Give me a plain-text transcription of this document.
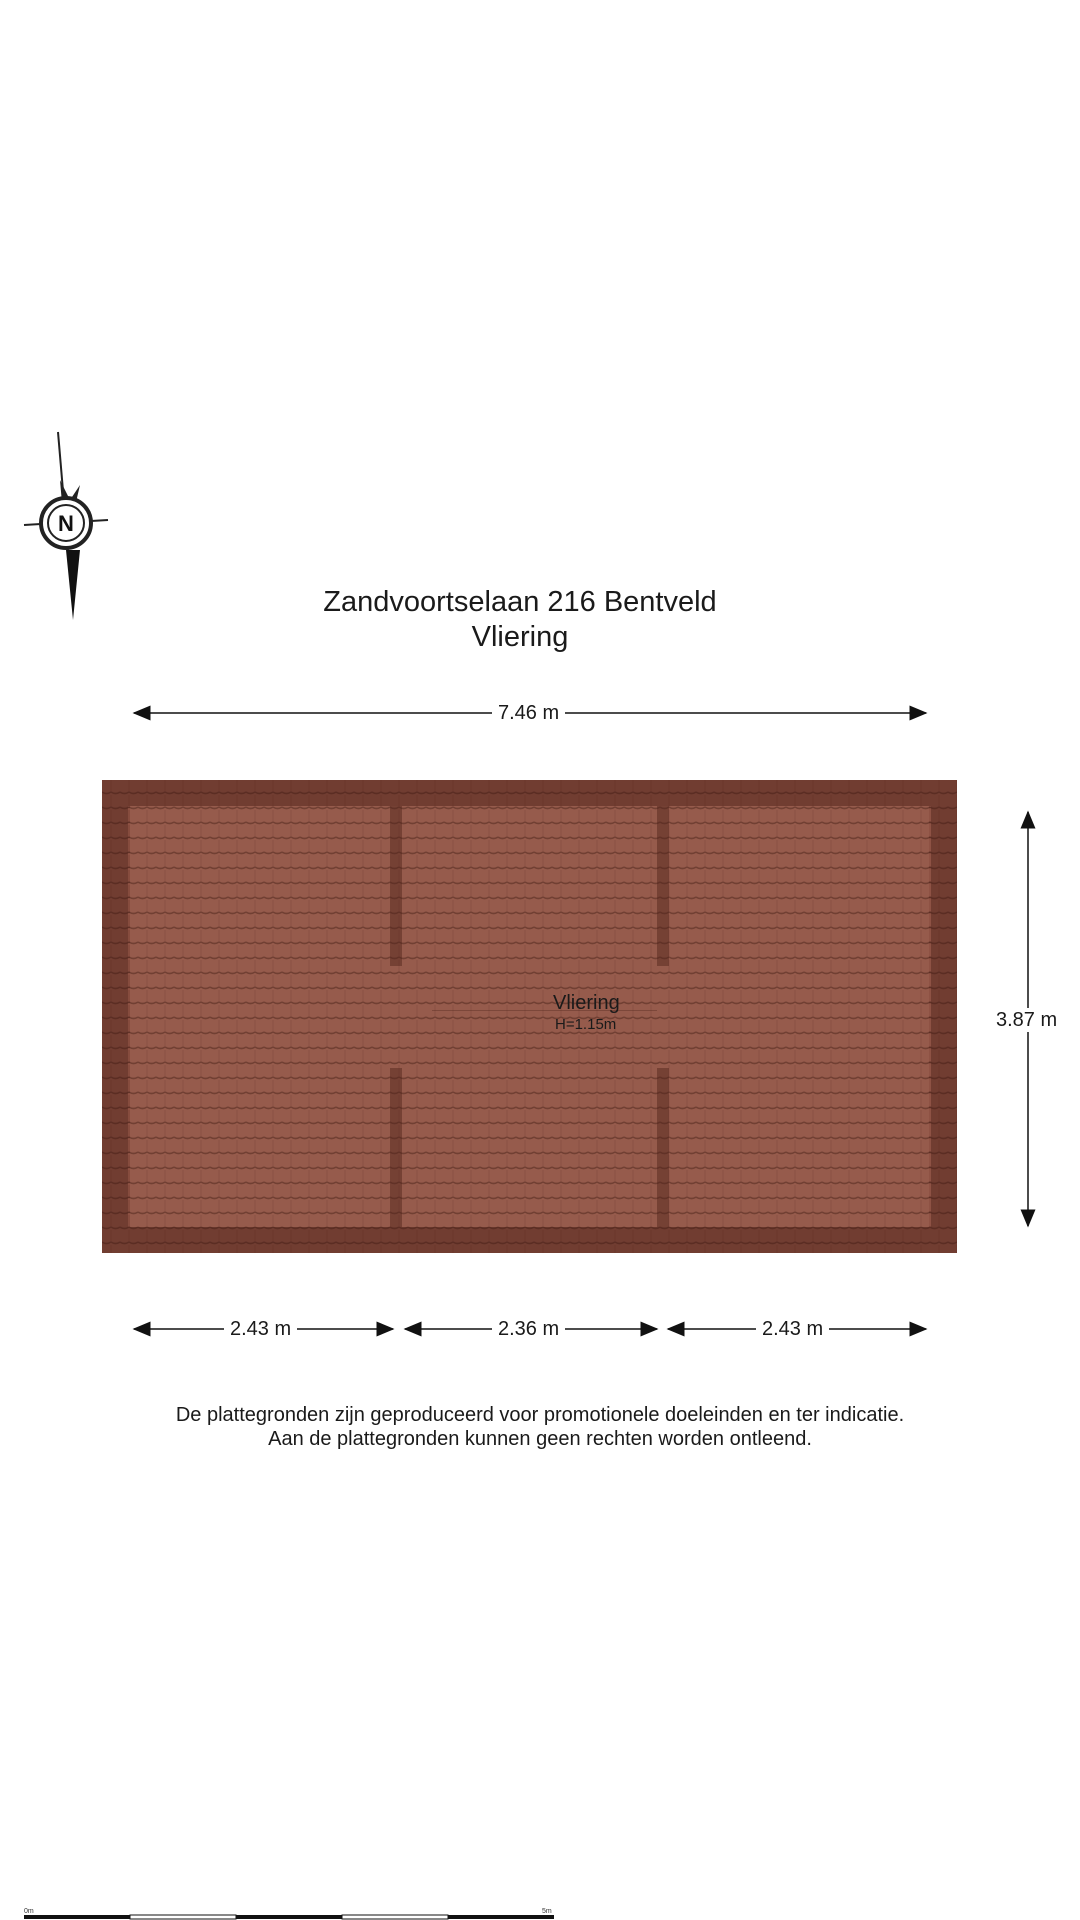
N
Zandvoortselaan 216 Bentveld
Vliering
7.46 m
3.87 m
2.43 m	2.36 m	2.43 m
Vliering
H=1.15m
De plattegronden zijn geproduceerd voor promotionele doeleinden en ter indicatie.
Aan de plattegronden kunnen geen rechten worden ontleend.
0m	5m
